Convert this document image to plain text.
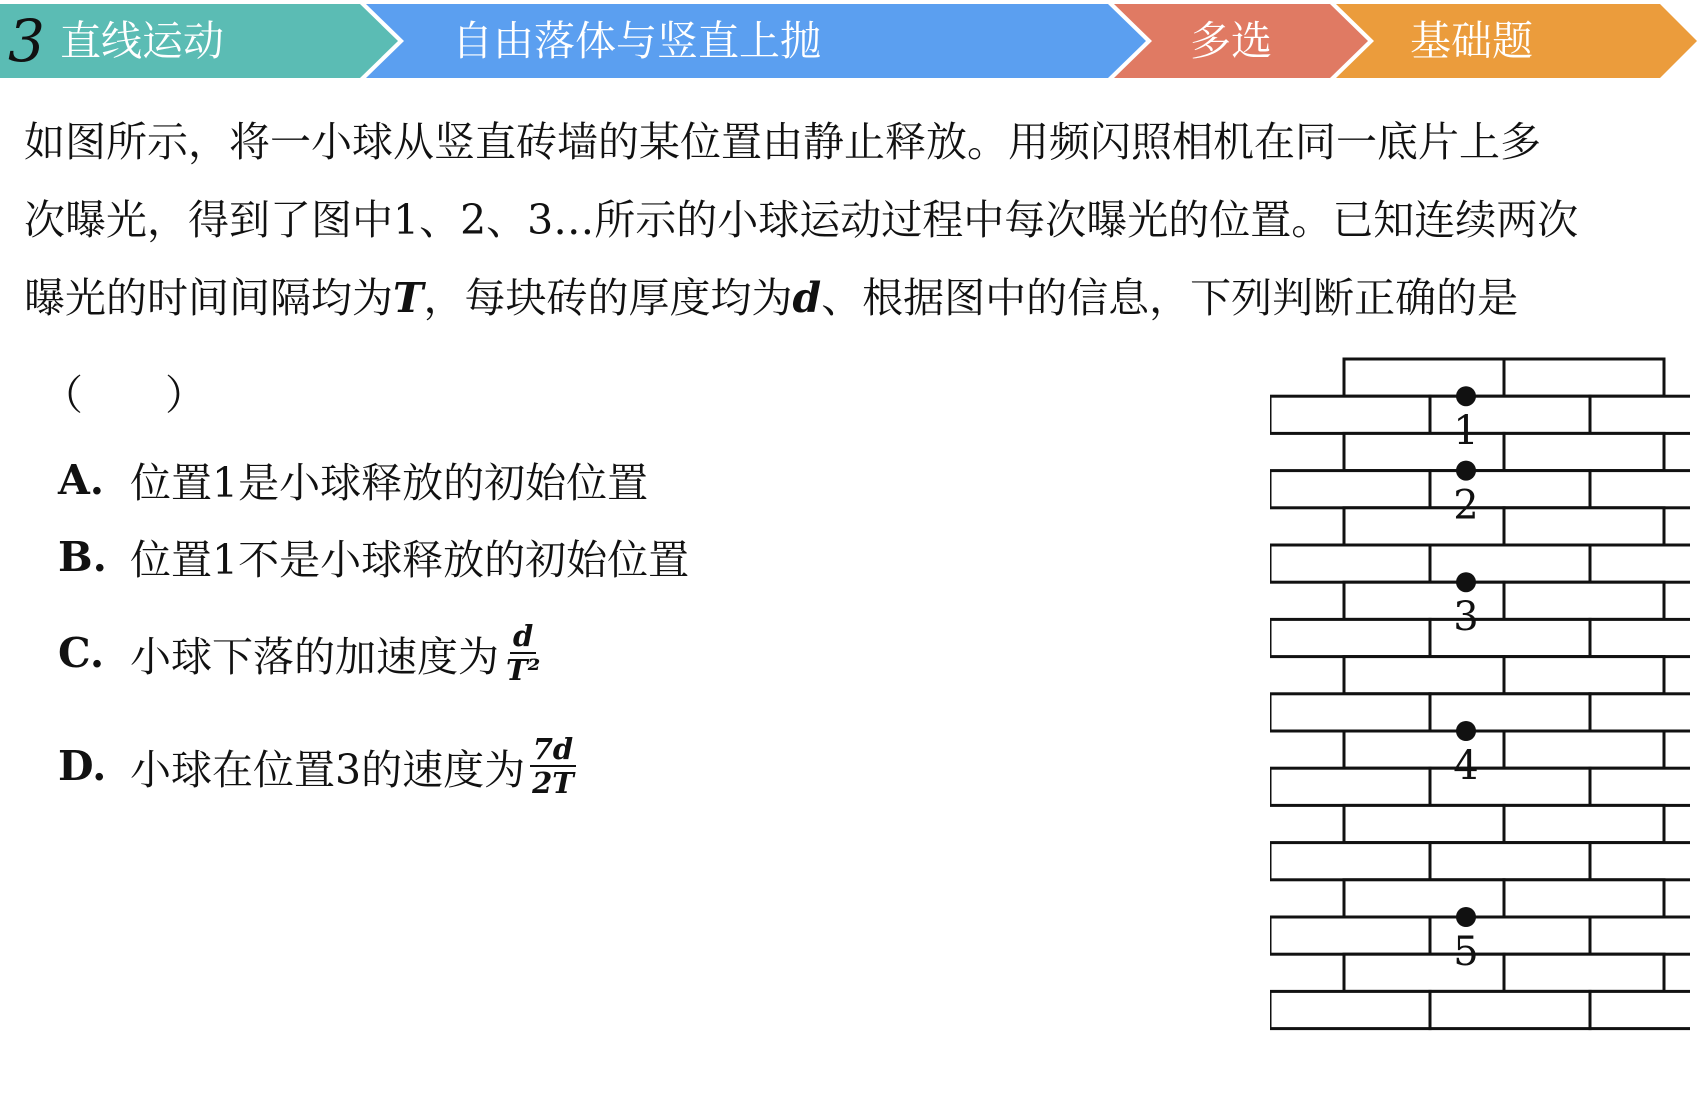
3 直线运动	自由落体与竖直上抛	多选	基础题
如图所示，将一小球从竖直砖墙的某位置由静止释放。用频闪照相机在同一底片上多
次曝光，得到了图中1、2、3…所示的小球运动过程中每次曝光的位置。已知连续两次
曝光的时间间隔均为T，每块砖的厚度均为d、根据图中的信息，下列判断正确的是
（　　）
A. 位置1是小球释放的初始位置
B. 位置1不是小球释放的初始位置
C. 小球下落的加速度为 $\frac{d}{\text{T²}}$
D. 小球在位置3的速度为 $\frac{7d}{2T}$
1
2
3
4
5
